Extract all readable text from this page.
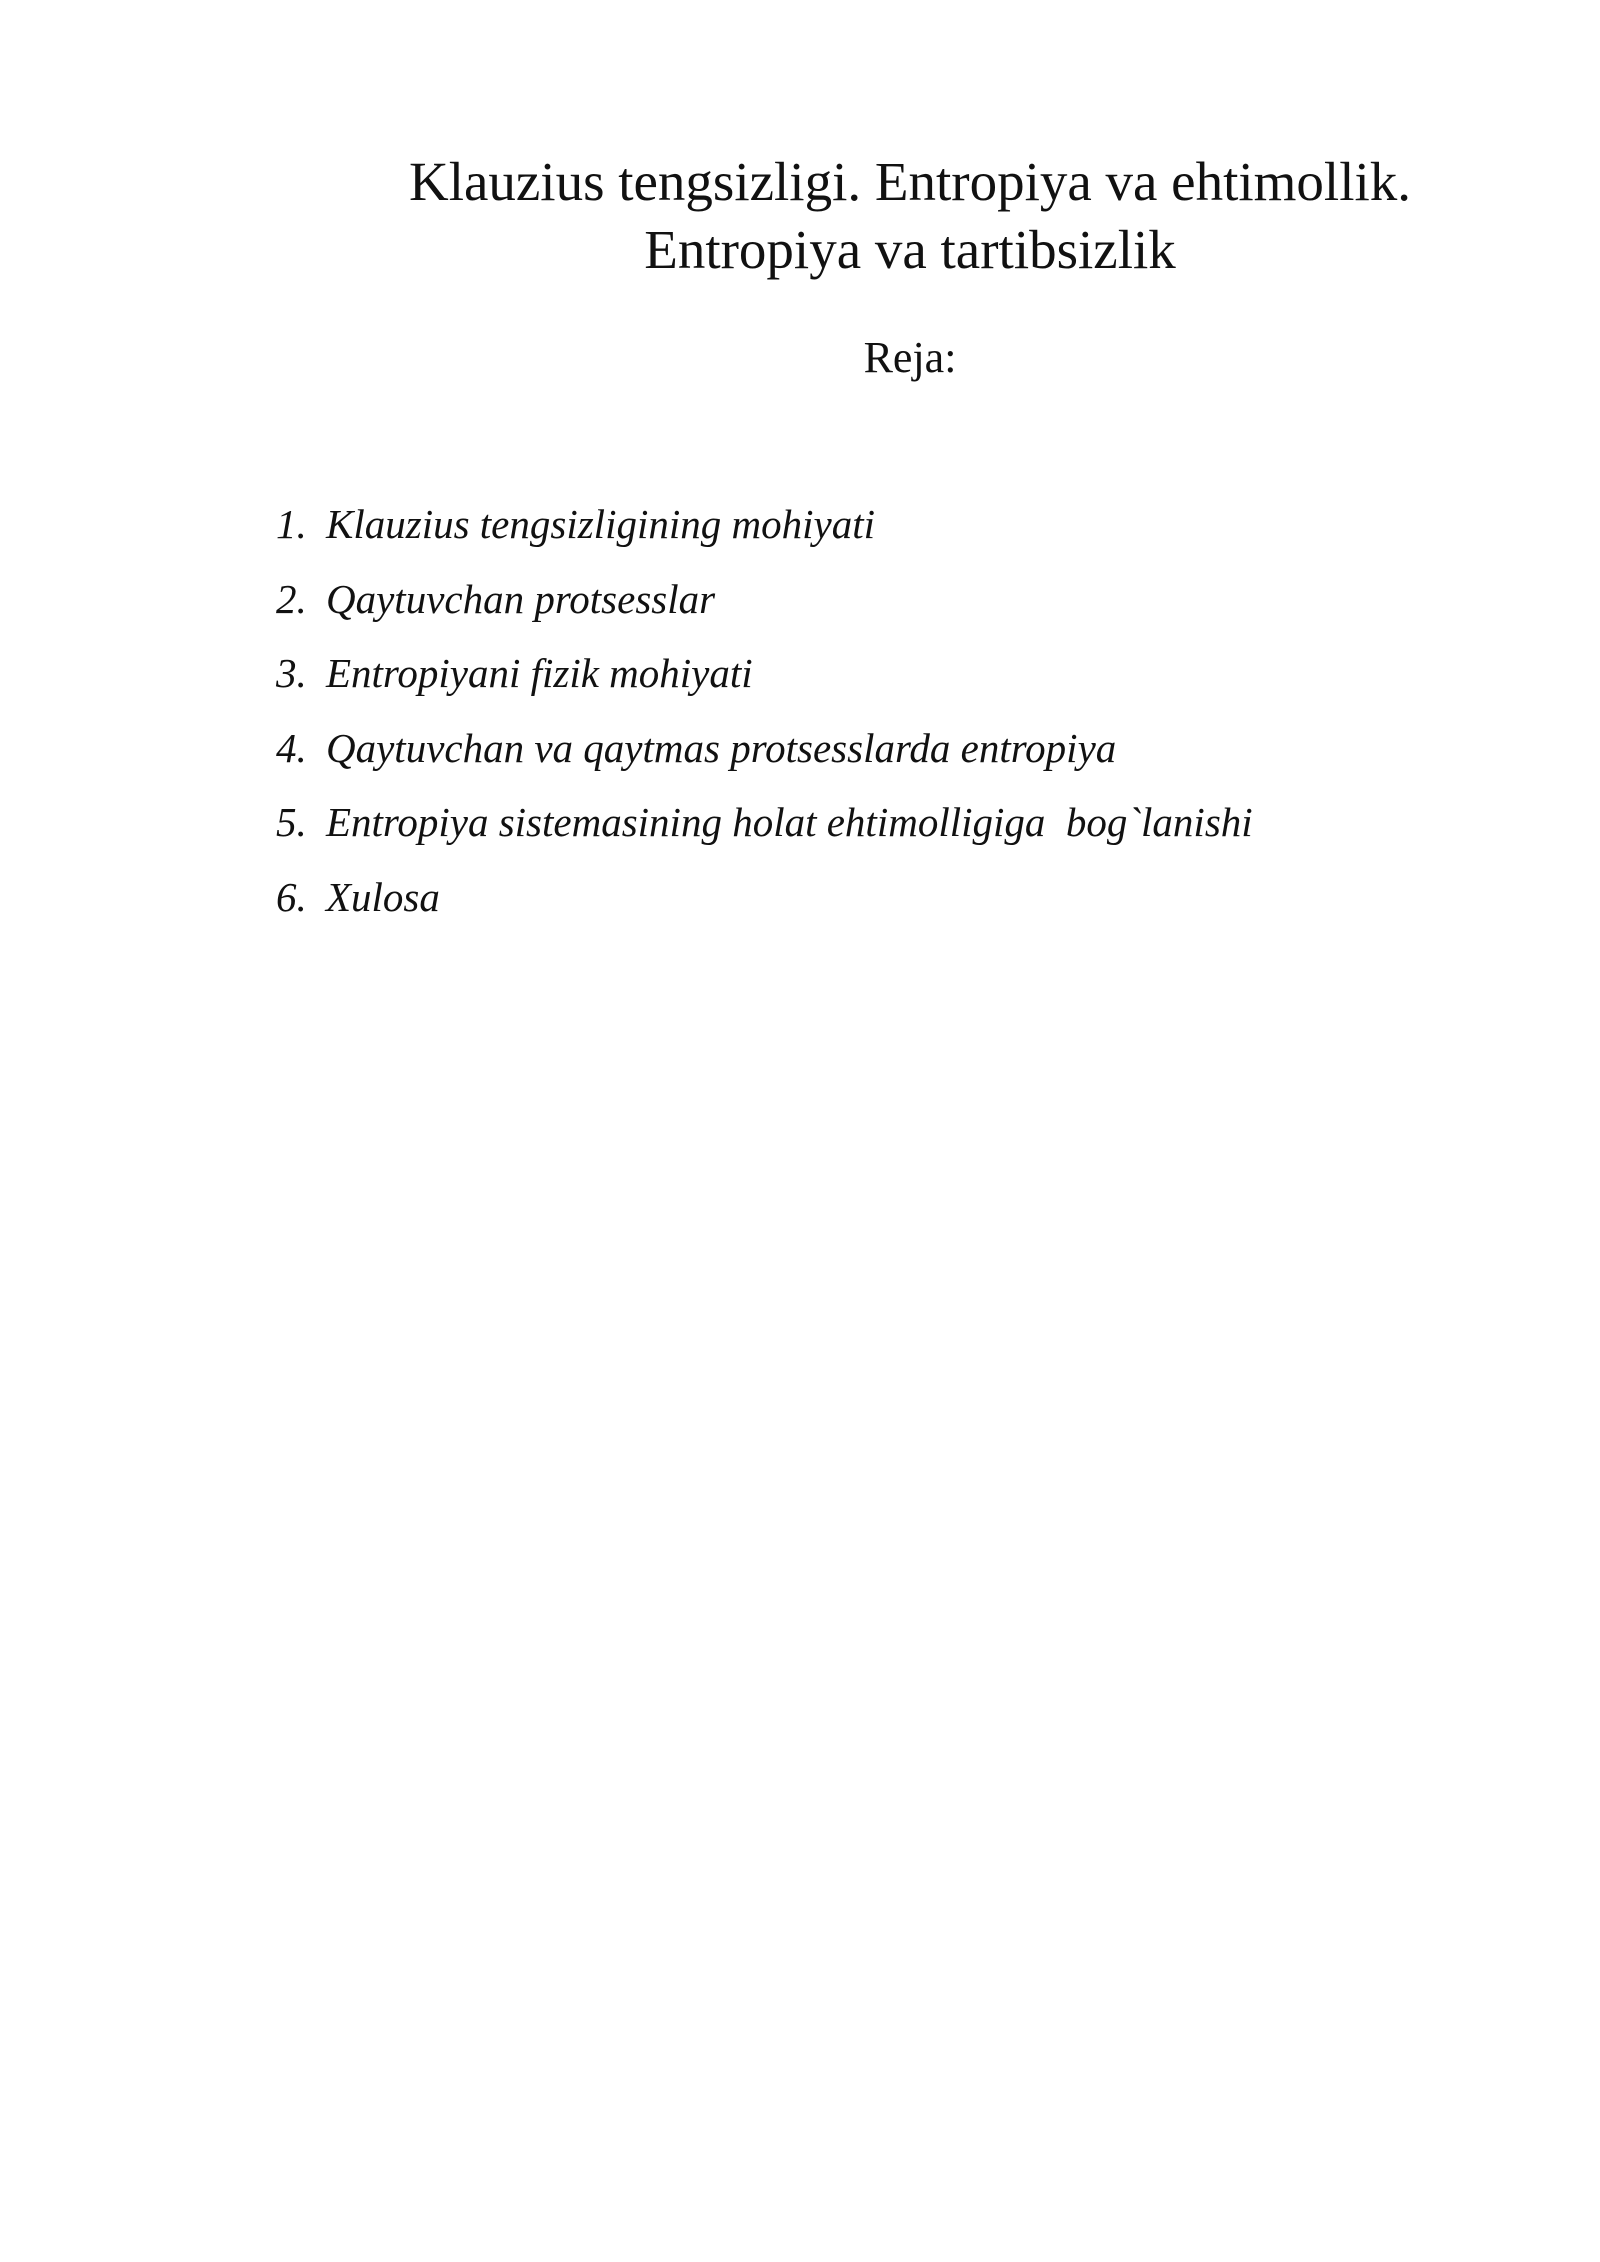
Klauzius tengsizligi. Entropiya va ehtimollik.
Entropiya va tartibsizlik
Reja:
1. Klauzius tengsizligining mohiyati
2. Qaytuvchan protsesslar
3. Entropiyani fizik mohiyati
4. Qaytuvchan va qaytmas protsesslarda entropiya
5. Entropiya sistemasining holat ehtimolligiga  bog`lanishi
6. Xulosa
